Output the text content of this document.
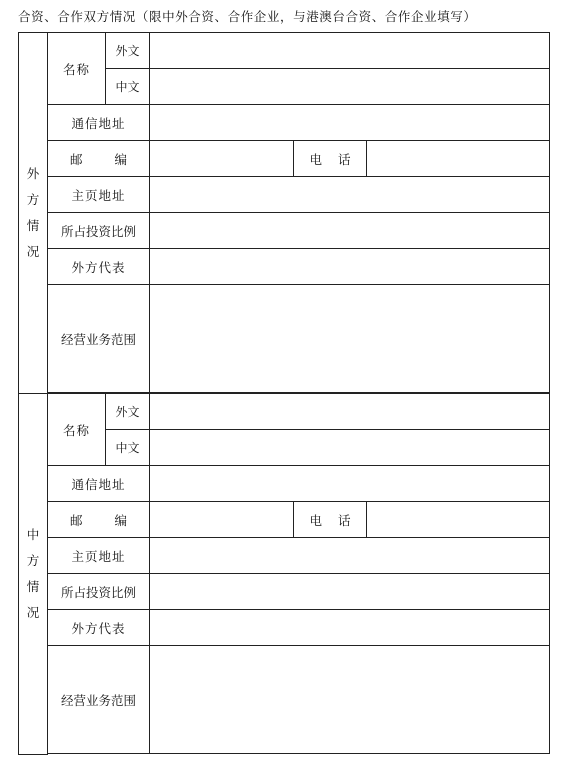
合资、合作双方情况（限中外合资、合作企业，与港澳台合资、合作企业填写）
外方情况	名称	外文			
		中文			
	通信地址				
	邮 编			电 话	
	主页地址				
	所占投资比例				
	外方代表				
	经营业务范围				

中方情况	名称	外文			
		中文			
	通信地址				
	邮 编			电 话	
	主页地址				
	所占投资比例				
	外方代表				
	经营业务范围				
